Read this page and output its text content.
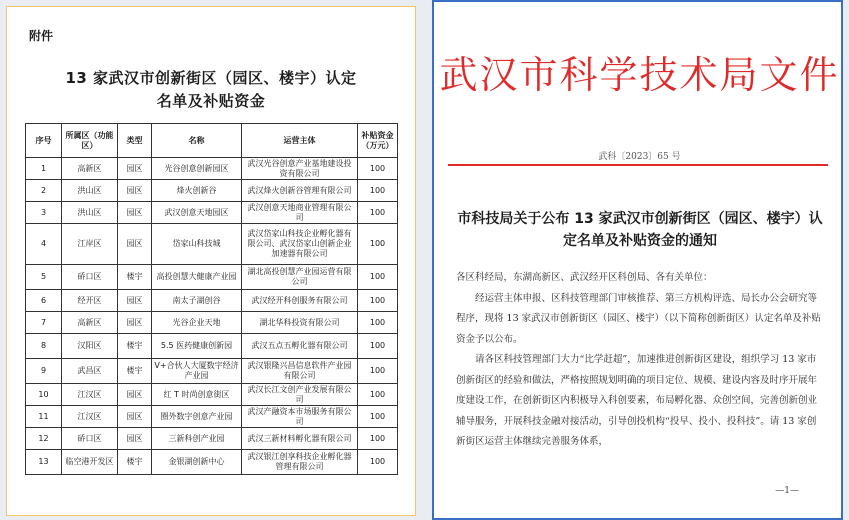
附件
13 家武汉市创新街区（园区、楼宇）认定
名单及补贴资金
序号	所属区（功能区）	类型	名称	运营主体	补贴资金（万元）
1	高新区	园区	光谷创意创新园区	武汉光谷创意产业基地建设投资有限公司	100
2	洪山区	园区	烽火创新谷	武汉烽火创新谷管理有限公司	100
3	洪山区	园区	武汉创意天地园区	武汉创意天地商业管理有限公司	100
4	江岸区	园区	岱家山科技城	武汉岱家山科技企业孵化器有限公司、武汉岱家山创新企业加速器有限公司	100
5	硚口区	楼宇	高投创慧大健康产业园	湖北高投创慧产业园运营有限公司	100
6	经开区	园区	南太子湖创谷	武汉经开科创服务有限公司	100
7	高新区	园区	光谷企业天地	湖北华科投资有限公司	100
8	汉阳区	楼宇	5.5 医药健康创新园	武汉五点五孵化器有限公司	100
9	武昌区	楼宇	V+合伙人大厦数字经济产业园	武汉银隆兴昌信息软件产业园有限公司	100
10	江汉区	园区	红 T 时尚创意街区	武汉长江文创产业发展有限公司	100
11	江汉区	园区	圈外数字创意产业园	武汉产融资本市场服务有限公司	100
12	硚口区	园区	三新科创产业园	武汉三新材料孵化器有限公司	100
13	临空港开发区	楼宇	金银湖创新中心	武汉银江创享科技企业孵化器管理有限公司	100
武汉市科学技术局文件
武科〔2023〕65 号
市科技局关于公布 13 家武汉市创新街区（园区、楼宇）认定名单及补贴资金的通知

各区科经局，东湖高新区、武汉经开区科创局、各有关单位：

经运营主体申报、区科技管理部门审核推荐、第三方机构评选、局长办公会研究等程序，现将 13 家武汉市创新街区（园区、楼宇）（以下简称创新街区）认定名单及补贴资金予以公布。

请各区科技管理部门大力“比学赶超”，加速推进创新街区建设，组织学习 13 家市创新街区的经验和做法，严格按照规划明确的项目定位、规模、建设内容及时序开展年度建设工作，在创新街区内积极导入科创要素，布局孵化器、众创空间，完善创新创业辅导服务，开展科技金融对接活动，引导创投机构“投早、投小、投科技”。请 13 家创新街区运营主体继续完善服务体系，

—1—
